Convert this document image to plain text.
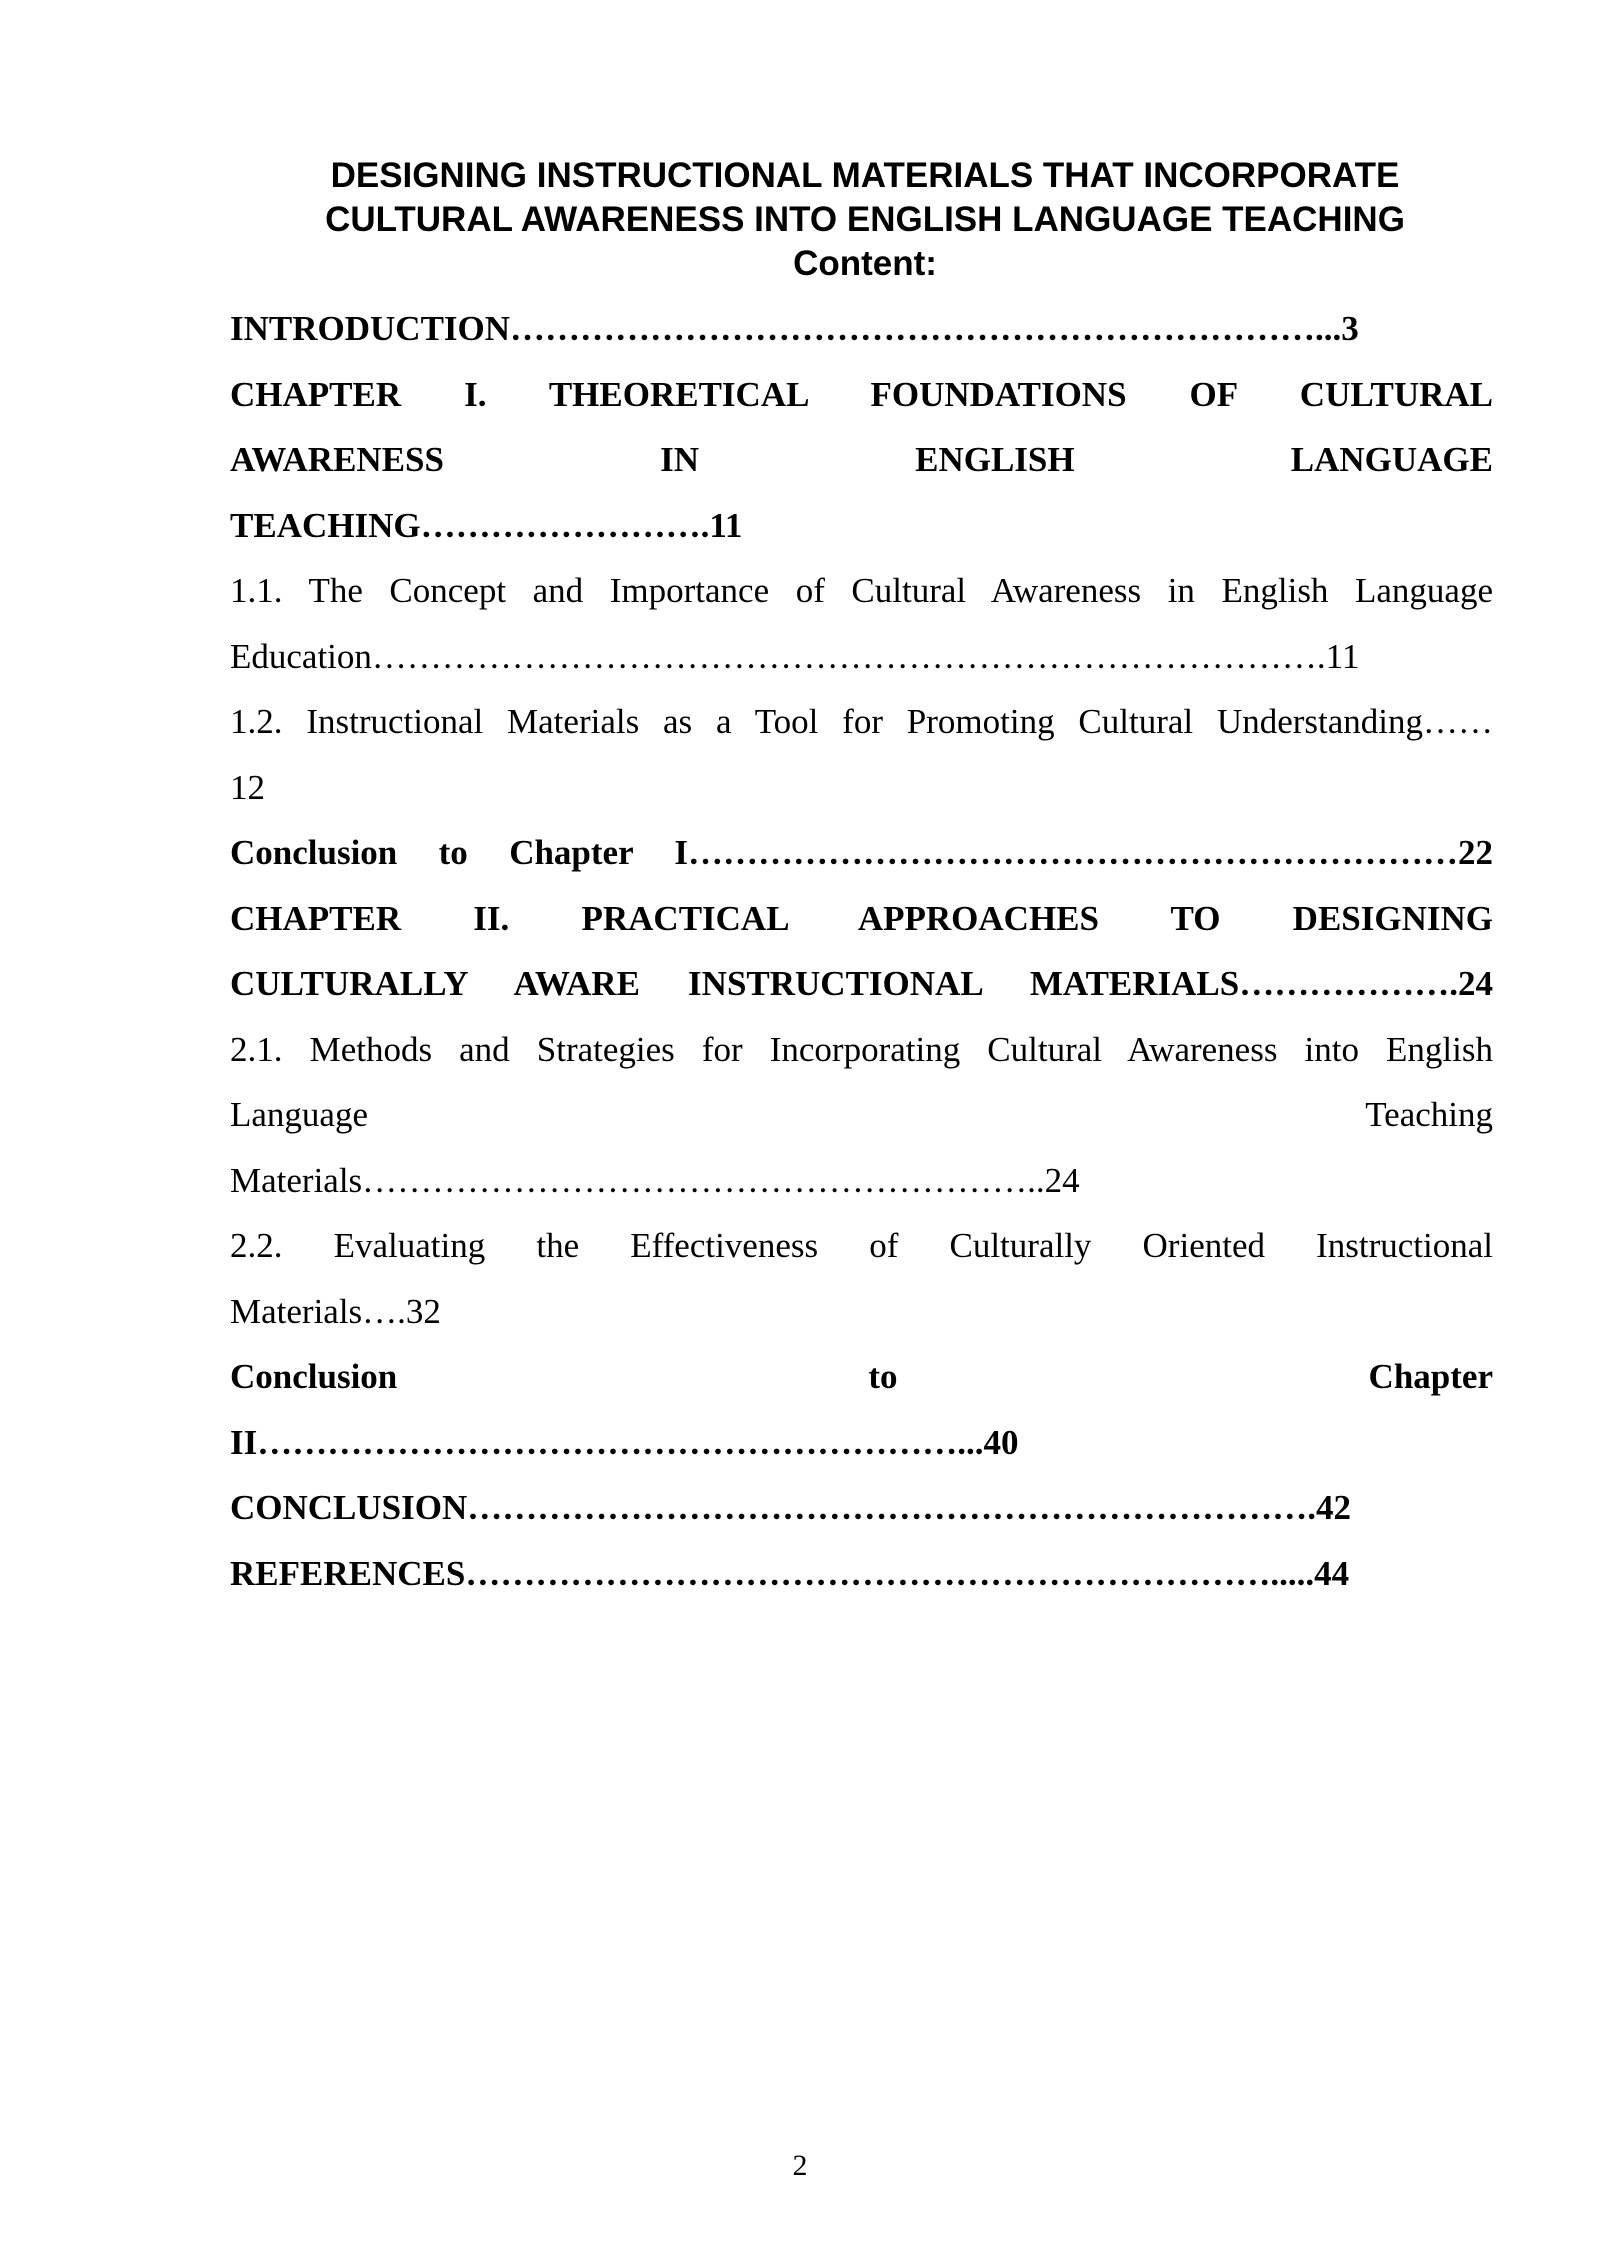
DESIGNING INSTRUCTIONAL MATERIALS THAT INCORPORATE
CULTURAL AWARENESS INTO ENGLISH LANGUAGE TEACHING
Content:

INTRODUCTION……………………………………………………………...3

CHAPTER I. THEORETICAL FOUNDATIONS OF CULTURAL
AWARENESS IN ENGLISH LANGUAGE
TEACHING…………………….11

1.1. The Concept and Importance of Cultural Awareness in English Language
Education……………………………………………………………………….11

1.2. Instructional Materials as a Tool for Promoting Cultural Understanding……
12

Conclusion to Chapter I…………………………………………………………22

CHAPTER II. PRACTICAL APPROACHES TO DESIGNING
CULTURALLY AWARE INSTRUCTIONAL MATERIALS……………….24

2.1. Methods and Strategies for Incorporating Cultural Awareness into English
Language Teaching
Materials…………………………………………………..24

2.2. Evaluating the Effectiveness of Culturally Oriented Instructional
Materials….32

Conclusion to Chapter
II……………………………………………………...40

CONCLUSION……………………………………………………………….42

REFERENCES…………………………………………………………….....44

2
